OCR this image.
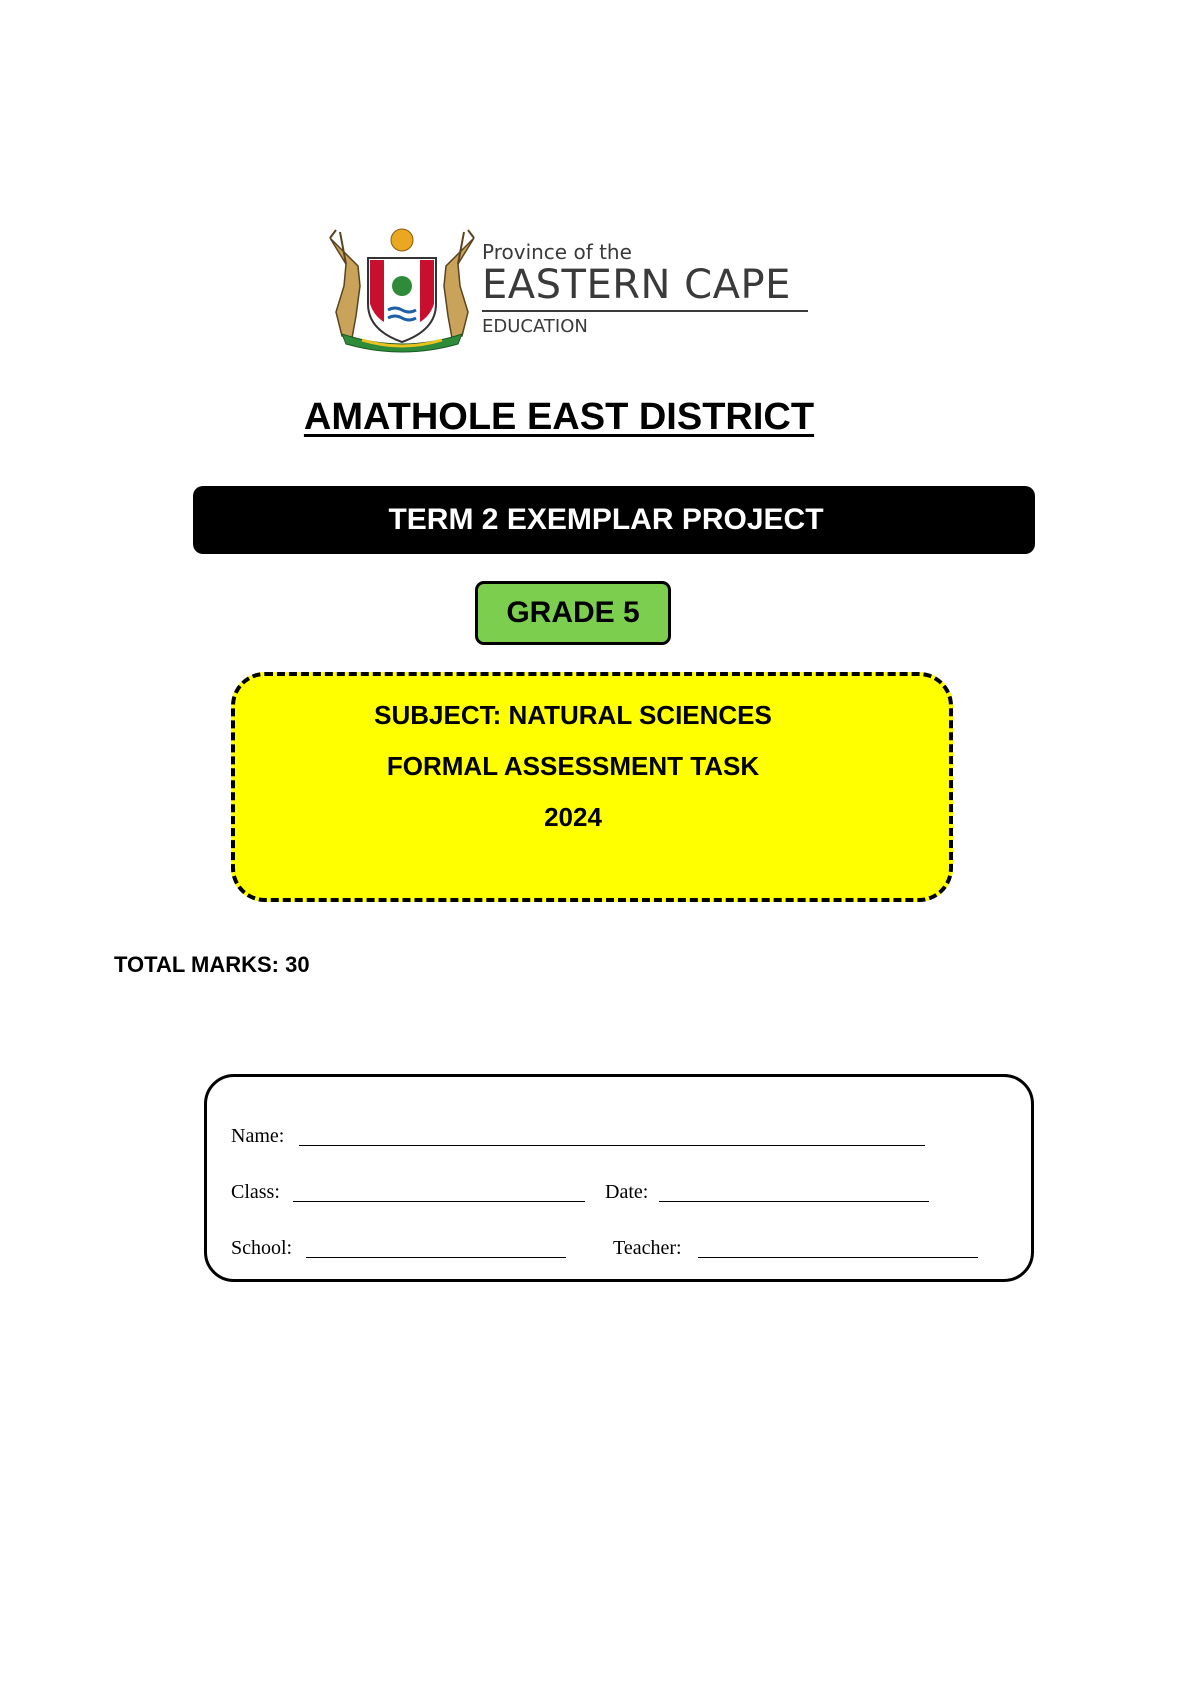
Province of the
EASTERN CAPE
EDUCATION
AMATHOLE EAST DISTRICT
TERM 2 EXEMPLAR PROJECT
GRADE 5
SUBJECT: NATURAL SCIENCES
FORMAL ASSESSMENT TASK
2024
TOTAL MARKS: 30
Name:
Class:	Date:
School:	Teacher:
